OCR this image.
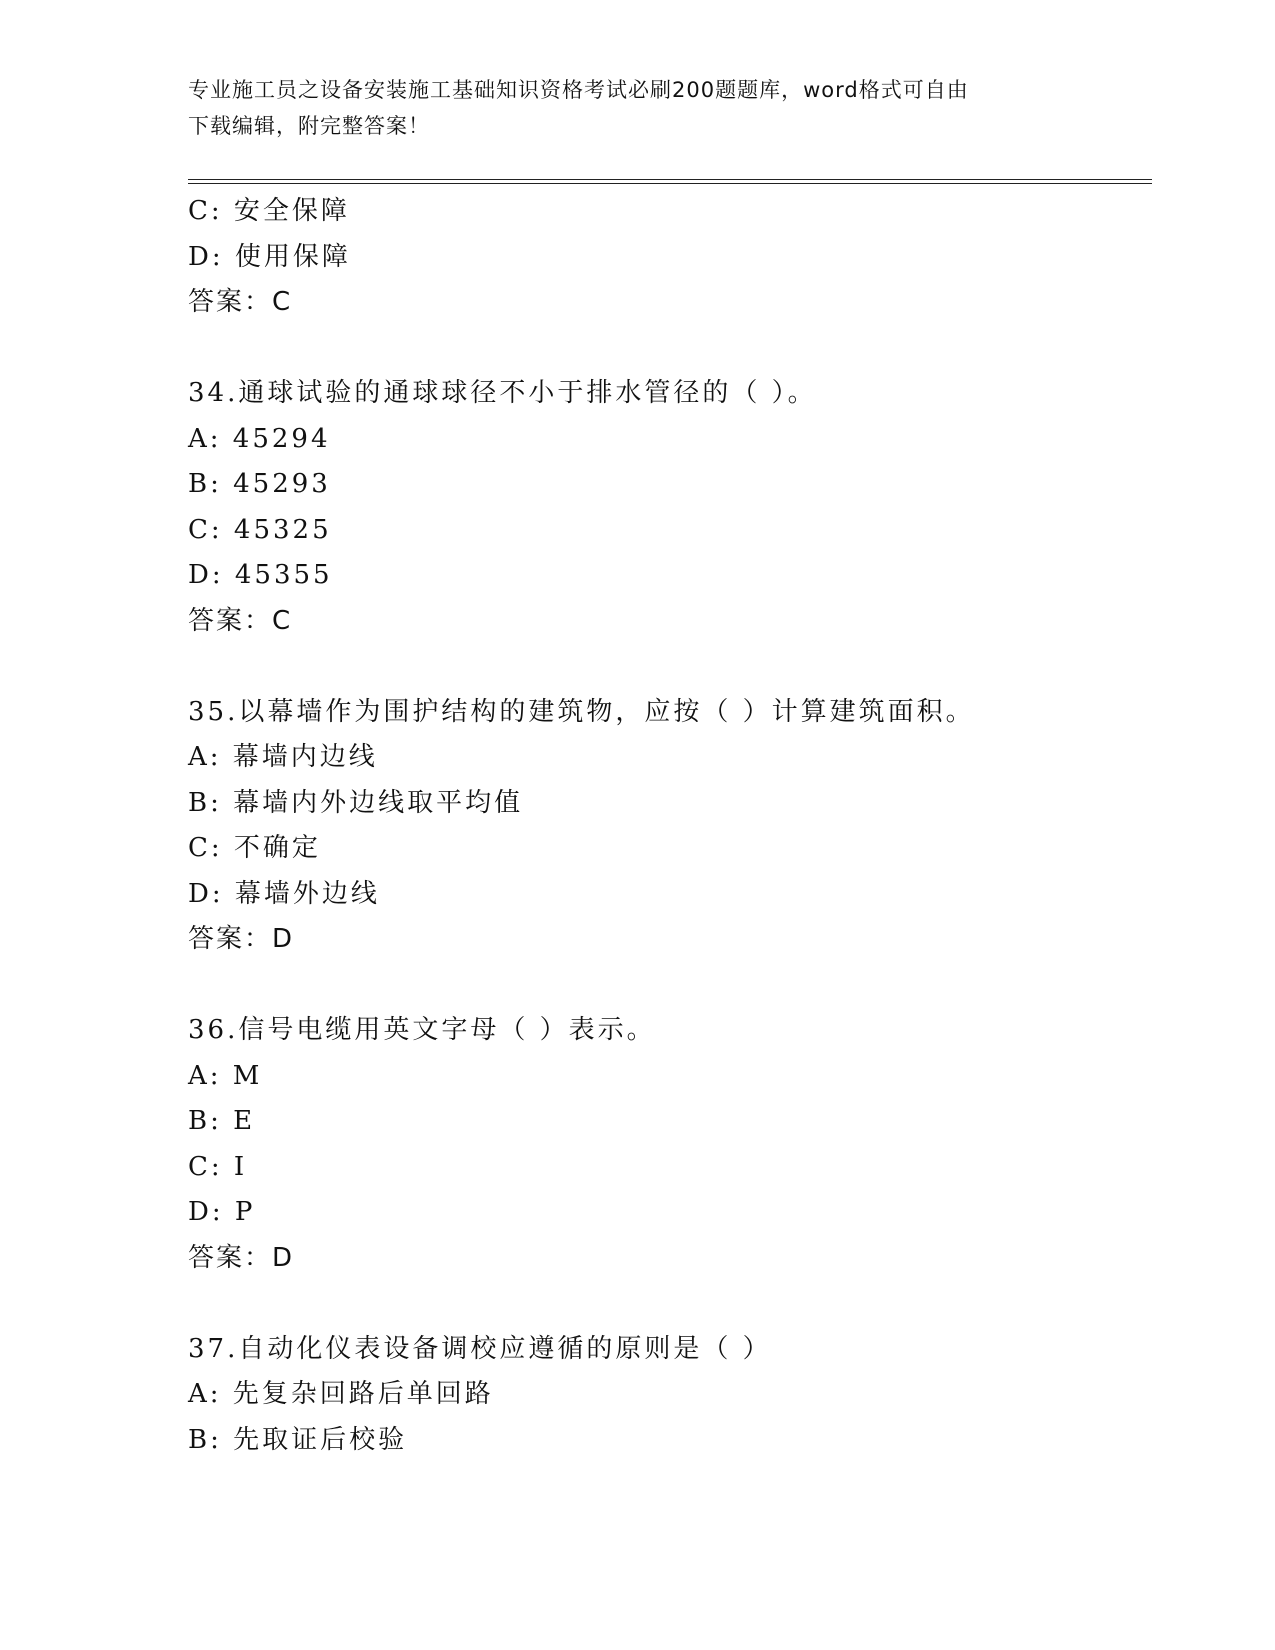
专业施工员之设备安装施工基础知识资格考试必刷200题题库，word格式可自由
下载编辑，附完整答案！
C: 安全保障
D: 使用保障
答案：C
34.通球试验的通球球径不小于排水管径的（ ）。
A: 45294
B: 45293
C: 45325
D: 45355
答案：C
35.以幕墙作为围护结构的建筑物，应按（ ）计算建筑面积。
A: 幕墙内边线
B: 幕墙内外边线取平均值
C: 不确定
D: 幕墙外边线
答案：D
36.信号电缆用英文字母（ ）表示。
A: M
B: E
C: I
D: P
答案：D
37.自动化仪表设备调校应遵循的原则是（ ）
A: 先复杂回路后单回路
B: 先取证后校验
